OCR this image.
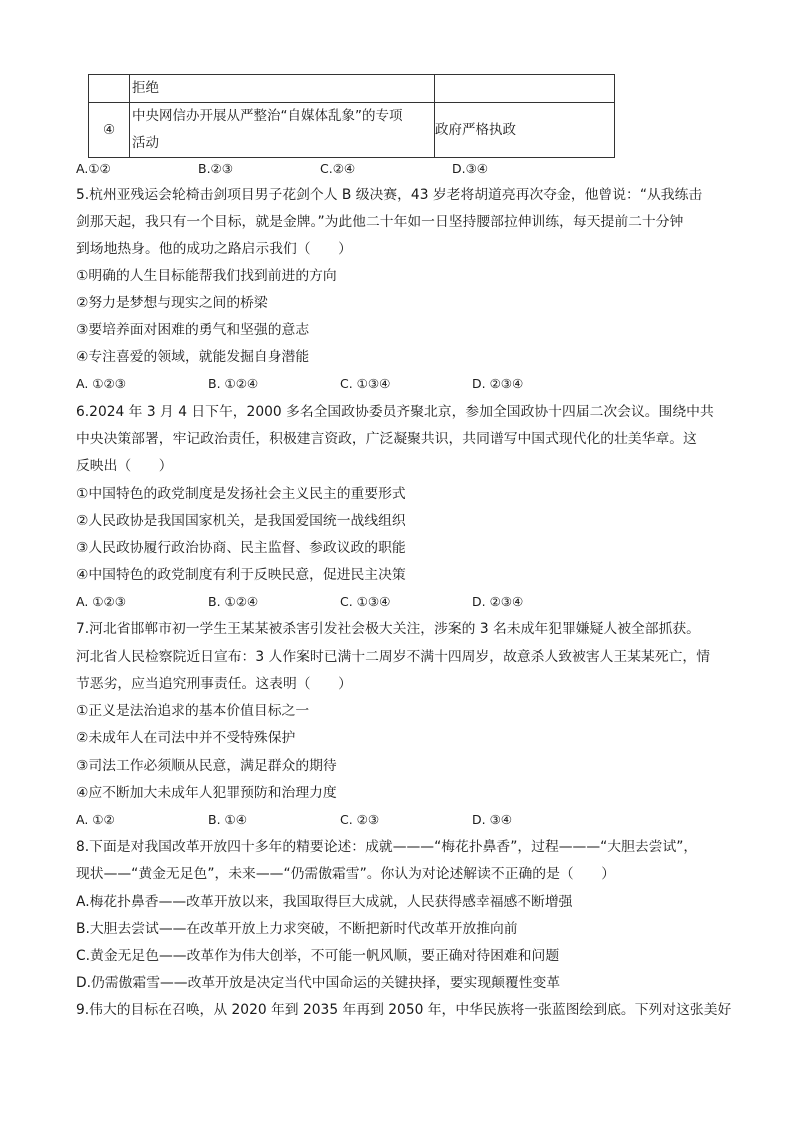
	拒绝	
④	中央网信办开展从严整治“自媒体乱象”的专项
活动	政府严格执政
A.①②	B.②③	C.②④	D.③④
5.杭州亚残运会轮椅击剑项目男子花剑个人 B 级决赛，43 岁老将胡道亮再次夺金，他曾说：“从我练击
剑那天起，我只有一个目标，就是金牌。”为此他二十年如一日坚持腰部拉伸训练，每天提前二十分钟
到场地热身。他的成功之路启示我们（　　）
①明确的人生目标能帮我们找到前进的方向
②努力是梦想与现实之间的桥梁
③要培养面对困难的勇气和坚强的意志
④专注喜爱的领域，就能发掘自身潜能
A. ①②③	B. ①②④	C. ①③④	D. ②③④
6.2024 年 3 月 4 日下午，2000 多名全国政协委员齐聚北京，参加全国政协十四届二次会议。围绕中共
中央决策部署，牢记政治责任，积极建言资政，广泛凝聚共识，共同谱写中国式现代化的壮美华章。这
反映出（　　）
①中国特色的政党制度是发扬社会主义民主的重要形式
②人民政协是我国国家机关，是我国爱国统一战线组织
③人民政协履行政治协商、民主监督、参政议政的职能
④中国特色的政党制度有利于反映民意，促进民主决策
A. ①②③	B. ①②④	C. ①③④	D. ②③④
7.河北省邯郸市初一学生王某某被杀害引发社会极大关注，涉案的 3 名未成年犯罪嫌疑人被全部抓获。
河北省人民检察院近日宣布：3 人作案时已满十二周岁不满十四周岁，故意杀人致被害人王某某死亡，情
节恶劣，应当追究刑事责任。这表明（　　）
①正义是法治追求的基本价值目标之一
②未成年人在司法中并不受特殊保护
③司法工作必须顺从民意，满足群众的期待
④应不断加大未成年人犯罪预防和治理力度
A. ①②	B. ①④	C. ②③	D. ③④
8.下面是对我国改革开放四十多年的精要论述：成就———“梅花扑鼻香”，过程———“大胆去尝试”，
现状——“黄金无足色”，未来——“仍需傲霜雪”。你认为对论述解读不正确的是（　　）
A.梅花扑鼻香——改革开放以来，我国取得巨大成就，人民获得感幸福感不断增强
B.大胆去尝试——在改革开放上力求突破，不断把新时代改革开放推向前
C.黄金无足色——改革作为伟大创举，不可能一帆风顺，要正确对待困难和问题
D.仍需傲霜雪——改革开放是决定当代中国命运的关键抉择，要实现颠覆性变革
9.伟大的目标在召唤，从 2020 年到 2035 年再到 2050 年，中华民族将一张蓝图绘到底。下列对这张美好
